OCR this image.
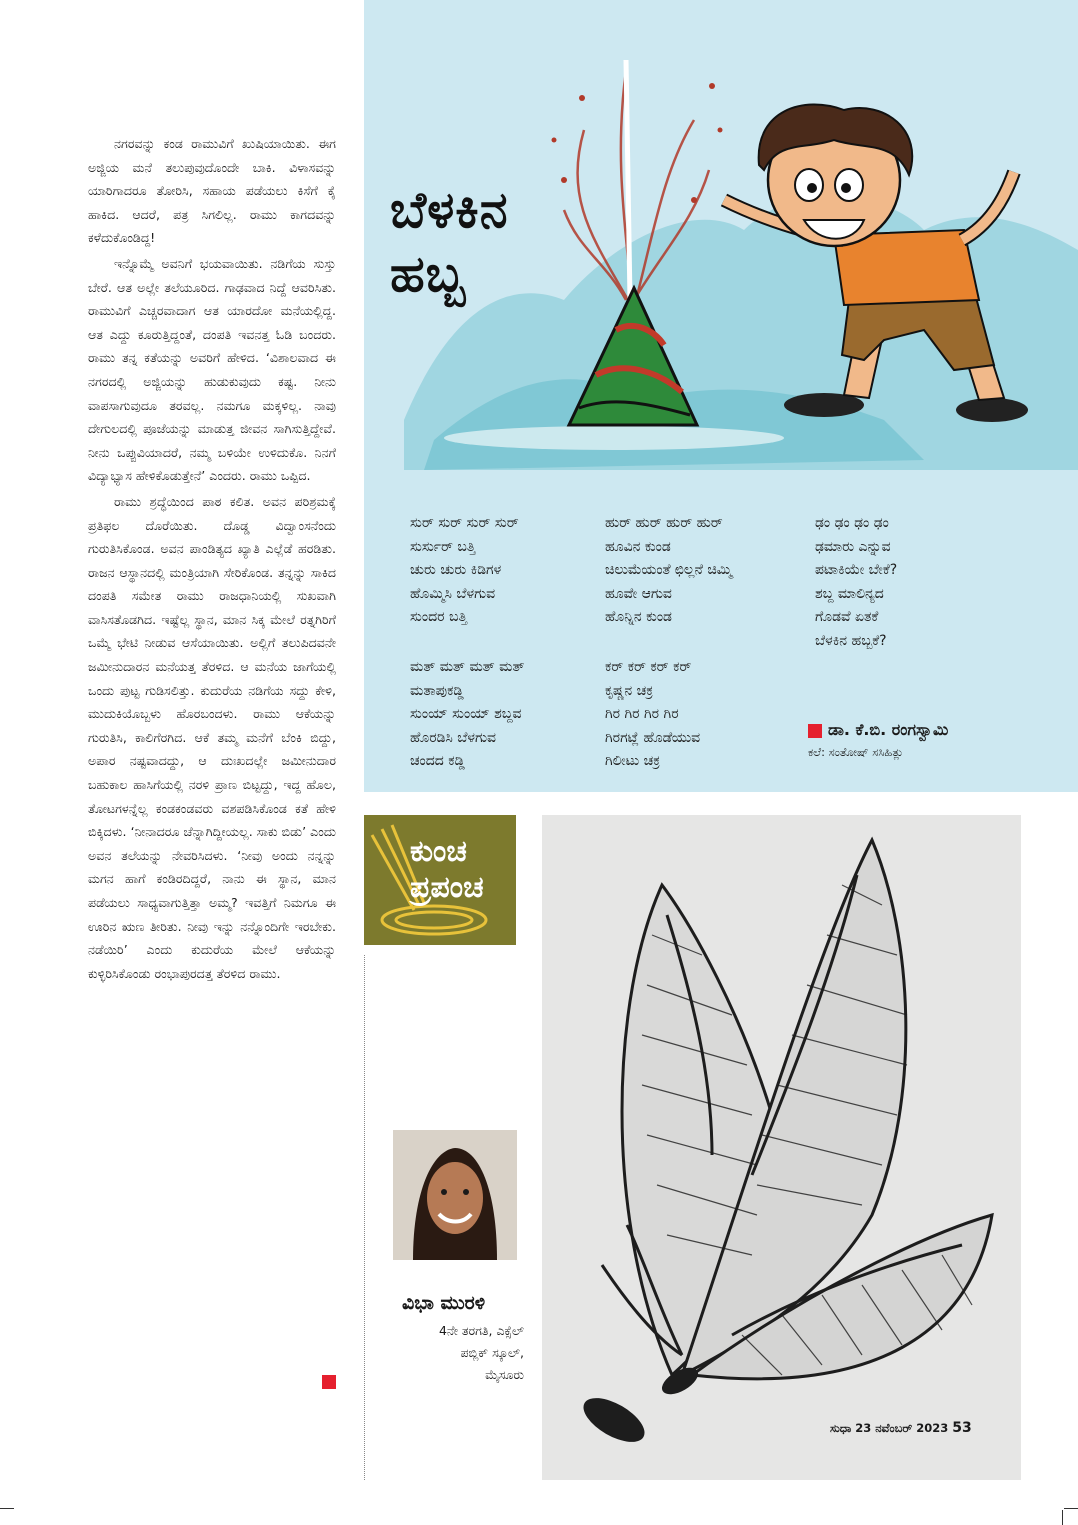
ನಗರವನ್ನು ಕಂಡ ರಾಮುವಿಗೆ ಖುಷಿಯಾಯಿತು. ಈಗ ಅಜ್ಜಿಯ ಮನೆ ತಲುಪುವುದೊಂದೇ ಬಾಕಿ. ವಿಳಾಸವನ್ನು ಯಾರಿಗಾದರೂ ತೋರಿಸಿ, ಸಹಾಯ ಪಡೆಯಲು ಕಿಸೆಗೆ ಕೈ ಹಾಕಿದ. ಆದರೆ, ಪತ್ರ ಸಿಗಲಿಲ್ಲ. ರಾಮು ಕಾಗದವನ್ನು ಕಳೆದುಕೊಂಡಿದ್ದ!

ಇನ್ನೊಮ್ಮೆ ಅವನಿಗೆ ಭಯವಾಯಿತು. ನಡಿಗೆಯ ಸುಸ್ತು ಬೇರೆ. ಆತ ಅಲ್ಲೇ ತಲೆಯೂರಿದ. ಗಾಢವಾದ ನಿದ್ದೆ ಆವರಿಸಿತು. ರಾಮುವಿಗೆ ಎಚ್ಚರವಾದಾಗ ಆತ ಯಾರದೋ ಮನೆಯಲ್ಲಿದ್ದ. ಆತ ಎದ್ದು ಕೂರುತ್ತಿದ್ದಂತೆ, ದಂಪತಿ ಇವನತ್ತ ಓಡಿ ಬಂದರು. ರಾಮು ತನ್ನ ಕತೆಯನ್ನು ಅವರಿಗೆ ಹೇಳಿದ. ‘ವಿಶಾಲವಾದ ಈ ನಗರದಲ್ಲಿ ಅಜ್ಜಿಯನ್ನು ಹುಡುಕುವುದು ಕಷ್ಟ. ನೀನು ವಾಪಸಾಗುವುದೂ ತರವಲ್ಲ. ನಮಗೂ ಮಕ್ಕಳಿಲ್ಲ. ನಾವು ದೇಗುಲದಲ್ಲಿ ಪೂಜೆಯನ್ನು ಮಾಡುತ್ತ ಜೀವನ ಸಾಗಿಸುತ್ತಿದ್ದೇವೆ. ನೀನು ಒಪ್ಪುವಿಯಾದರೆ, ನಮ್ಮ ಬಳಿಯೇ ಉಳಿದುಕೊ. ನಿನಗೆ ವಿದ್ಯಾಭ್ಯಾಸ ಹೇಳಿಕೊಡುತ್ತೇನೆ’ ಎಂದರು. ರಾಮು ಒಪ್ಪಿದ.

ರಾಮು ಶ್ರದ್ಧೆಯಿಂದ ಪಾಠ ಕಲಿತ. ಅವನ ಪರಿಶ್ರಮಕ್ಕೆ ಪ್ರತಿಫಲ ದೊರೆಯಿತು. ದೊಡ್ಡ ವಿದ್ವಾಂಸನೆಂದು ಗುರುತಿಸಿಕೊಂಡ. ಅವನ ಪಾಂಡಿತ್ಯದ ಖ್ಯಾತಿ ಎಲ್ಲೆಡೆ ಹರಡಿತು. ರಾಜನ ಆಸ್ಥಾನದಲ್ಲಿ ಮಂತ್ರಿಯಾಗಿ ಸೇರಿಕೊಂಡ. ತನ್ನನ್ನು ಸಾಕಿದ ದಂಪತಿ ಸಮೇತ ರಾಮು ರಾಜಧಾನಿಯಲ್ಲಿ ಸುಖವಾಗಿ ವಾಸಿಸತೊಡಗಿದ. ಇಷ್ಟೆಲ್ಲ ಸ್ಥಾನ, ಮಾನ ಸಿಕ್ಕ ಮೇಲೆ ರತ್ನಗಿರಿಗೆ ಒಮ್ಮೆ ಭೇಟಿ ನೀಡುವ ಆಸೆಯಾಯಿತು. ಅಲ್ಲಿಗೆ ತಲುಪಿದವನೇ ಜಮೀನುದಾರನ ಮನೆಯತ್ತ ತೆರಳಿದ. ಆ ಮನೆಯ ಜಾಗೆಯಲ್ಲಿ ಒಂದು ಪುಟ್ಟ ಗುಡಿಸಲಿತ್ತು. ಕುದುರೆಯ ನಡಿಗೆಯ ಸದ್ದು ಕೇಳಿ, ಮುದುಕಿಯೊಬ್ಬಳು ಹೊರಬಂದಳು. ರಾಮು ಆಕೆಯನ್ನು ಗುರುತಿಸಿ, ಕಾಲಿಗೆರಗಿದ. ಆಕೆ ತಮ್ಮ ಮನೆಗೆ ಬೆಂಕಿ ಬಿದ್ದು, ಅಪಾರ ನಷ್ಟವಾದದ್ದು, ಆ ದುಃಖದಲ್ಲೇ ಜಮೀನುದಾರ ಬಹುಕಾಲ ಹಾಸಿಗೆಯಲ್ಲಿ ನರಳಿ ಪ್ರಾಣ ಬಿಟ್ಟದ್ದು, ಇದ್ದ ಹೊಲ, ತೋಟಗಳನ್ನೆಲ್ಲ ಕಂಡಕಂಡವರು ವಶಪಡಿಸಿಕೊಂಡ ಕತೆ ಹೇಳಿ ಬಿಕ್ಕಿದಳು. ‘ನೀನಾದರೂ ಚೆನ್ನಾಗಿದ್ದೀಯಲ್ಲ. ಸಾಕು ಬಿಡು’ ಎಂದು ಅವನ ತಲೆಯನ್ನು ನೇವರಿಸಿದಳು. ‘ನೀವು ಅಂದು ನನ್ನನ್ನು ಮಗನ ಹಾಗೆ ಕಂಡಿರದಿದ್ದರೆ, ನಾನು ಈ ಸ್ಥಾನ, ಮಾನ ಪಡೆಯಲು ಸಾಧ್ಯವಾಗುತ್ತಿತ್ತಾ ಅಮ್ಮ? ಇವತ್ತಿಗೆ ನಿಮಗೂ ಈ ಊರಿನ ಋಣ ತೀರಿತು. ನೀವು ಇನ್ನು ನನ್ನೊಂದಿಗೇ ಇರಬೇಕು. ನಡೆಯಿರಿ’ ಎಂದು ಕುದುರೆಯ ಮೇಲೆ ಆಕೆಯನ್ನು ಕುಳ್ಳಿರಿಸಿಕೊಂಡು ರಂಭಾಪುರದತ್ತ ತೆರಳಿದ ರಾಮು.

ಬೆಳಕಿನ
ಹಬ್ಬ
ಸುರ್ ಸುರ್ ಸುರ್ ಸುರ್
ಸುರ್ಸುರ್ ಬತ್ತಿ
ಚುರು ಚುರು ಕಿಡಿಗಳ
ಹೊಮ್ಮಿಸಿ ಬೆಳಗುವ
ಸುಂದರ ಬತ್ತಿ
ಮತ್ ಮತ್ ಮತ್ ಮತ್
ಮತಾಪುಕಡ್ಡಿ
ಸುಂಯ್ ಸುಂಯ್ ಶಬ್ದವ
ಹೊರಡಿಸಿ ಬೆಳಗುವ
ಚಂದದ ಕಡ್ಡಿ
ಹುರ್ ಹುರ್ ಹುರ್ ಹುರ್
ಹೂವಿನ ಕುಂಡ
ಚಿಲುಮೆಯಂತೆ ಛಿಲ್ಲನೆ ಚಿಮ್ಮಿ
ಹೂವೇ ಆಗುವ
ಹೊನ್ನಿನ ಕುಂಡ
ಕರ್ ಕರ್ ಕರ್ ಕರ್
ಕೃಷ್ಣನ ಚಕ್ರ
ಗಿರ ಗಿರ ಗಿರ ಗಿರ
ಗಿರಗಟ್ಲೆ ಹೊಡೆಯುವ
ಗಿಲೀಟು ಚಕ್ರ
ಢಂ ಢಂ ಢಂ ಢಂ
ಢಮಾರು ಎನ್ನುವ
ಪಟಾಕಿಯೇ ಬೇಕೆ?
ಶಬ್ದ ಮಾಲಿನ್ಯದ
ಗೊಡವೆ ಏತಕೆ
ಬೆಳಕಿನ ಹಬ್ಬಕೆ?
ಡಾ. ಕೆ.ಬಿ. ರಂಗಸ್ವಾಮಿ
ಕಲೆ: ಸಂತೋಷ್ ಸಸಿಹಿತ್ಲು
ಕುಂಚ
ಪ್ರಪಂಚ
ವಿಭಾ ಮುರಳಿ
4ನೇ ತರಗತಿ, ಎಕ್ಸೆಲ್
ಪಬ್ಲಿಕ್ ಸ್ಕೂಲ್,
ಮೈಸೂರು
ಸುಧಾ 23 ನವೆಂಬರ್ 2023 53
